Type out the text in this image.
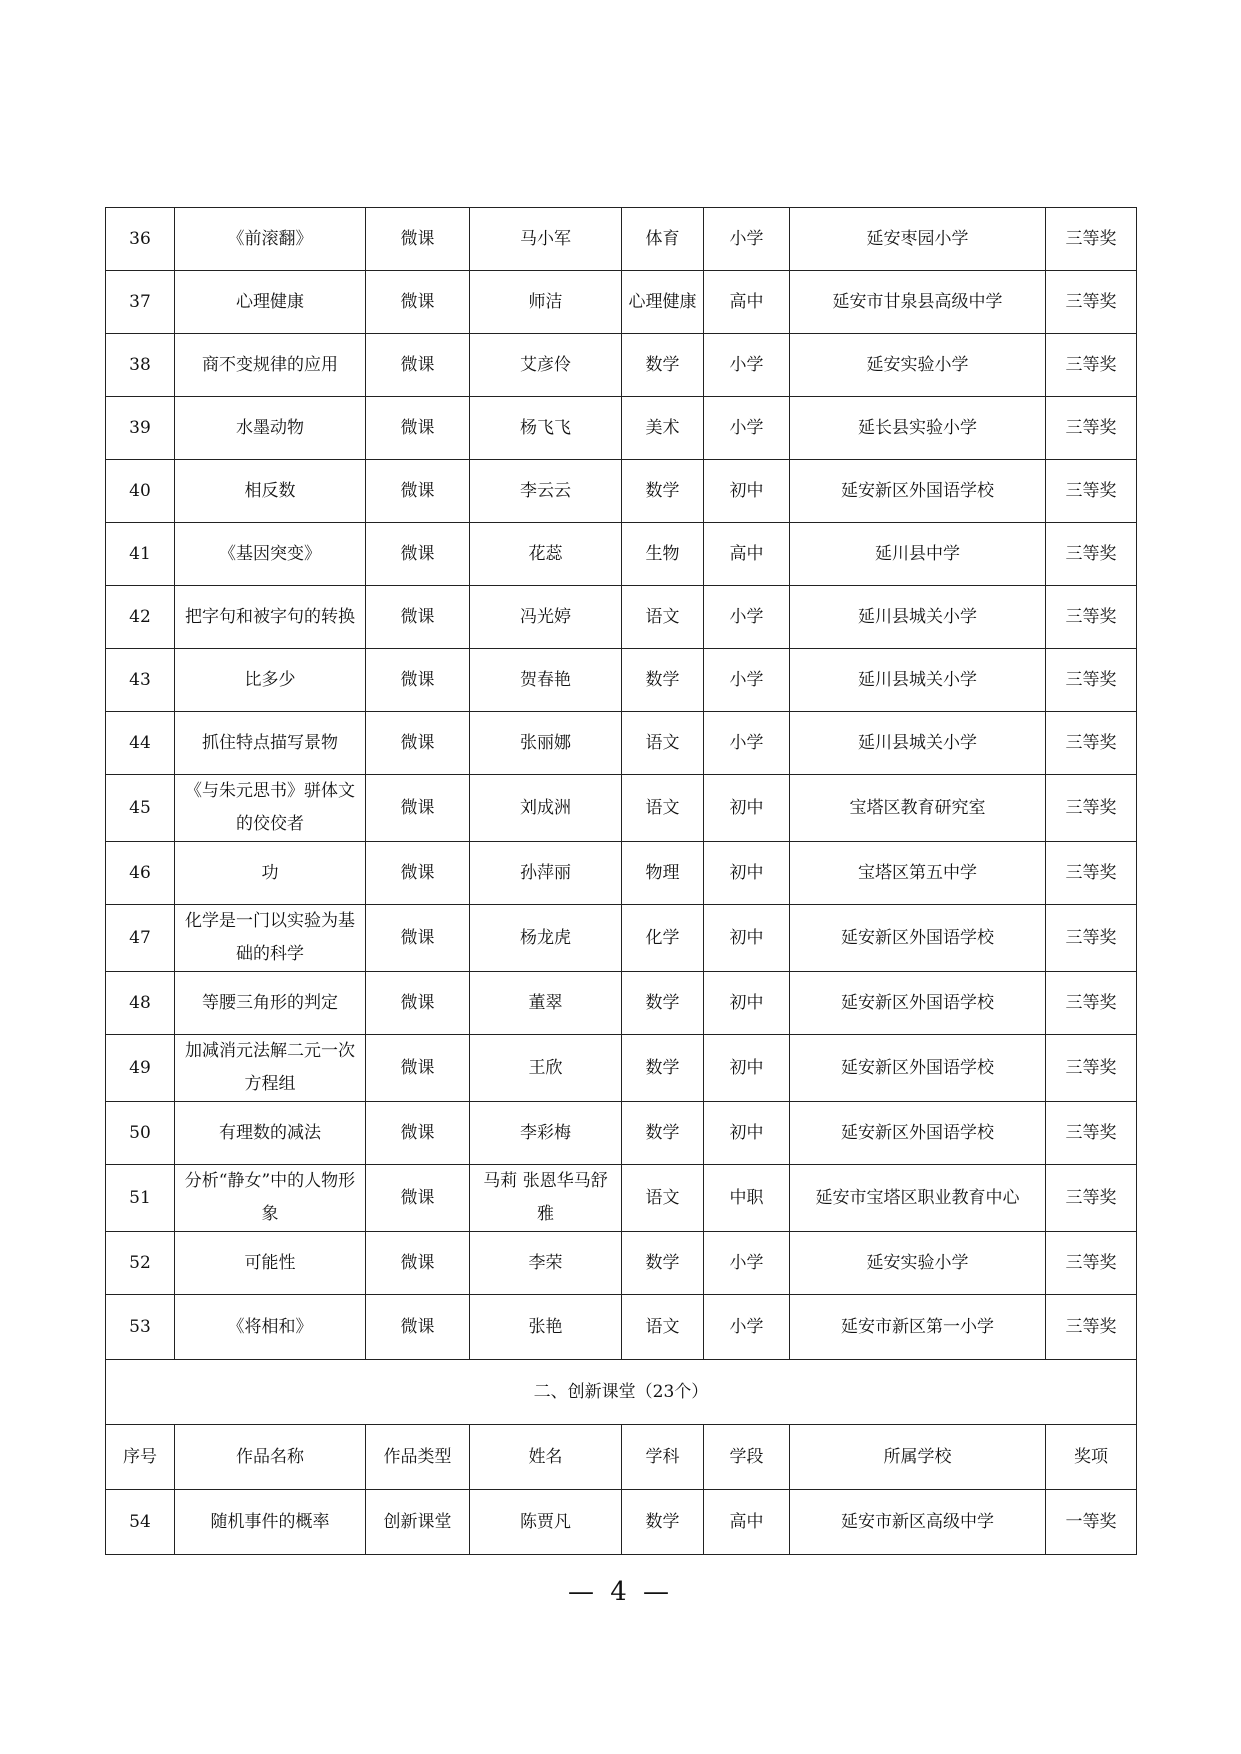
36	《前滚翻》	微课	马小军	体育	小学	延安枣园小学	三等奖
37	心理健康	微课	师洁	心理健康	高中	延安市甘泉县高级中学	三等奖
38	商不变规律的应用	微课	艾彦伶	数学	小学	延安实验小学	三等奖
39	水墨动物	微课	杨飞飞	美术	小学	延长县实验小学	三等奖
40	相反数	微课	李云云	数学	初中	延安新区外国语学校	三等奖
41	《基因突变》	微课	花蕊	生物	高中	延川县中学	三等奖
42	把字句和被字句的转换	微课	冯光婷	语文	小学	延川县城关小学	三等奖
43	比多少	微课	贺春艳	数学	小学	延川县城关小学	三等奖
44	抓住特点描写景物	微课	张丽娜	语文	小学	延川县城关小学	三等奖
45	《与朱元思书》骈体文的佼佼者	微课	刘成洲	语文	初中	宝塔区教育研究室	三等奖
46	功	微课	孙萍丽	物理	初中	宝塔区第五中学	三等奖
47	化学是一门以实验为基础的科学	微课	杨龙虎	化学	初中	延安新区外国语学校	三等奖
48	等腰三角形的判定	微课	董翠	数学	初中	延安新区外国语学校	三等奖
49	加减消元法解二元一次方程组	微课	王欣	数学	初中	延安新区外国语学校	三等奖
50	有理数的减法	微课	李彩梅	数学	初中	延安新区外国语学校	三等奖
51	分析“静女”中的人物形象	微课	马莉 张恩华马舒雅	语文	中职	延安市宝塔区职业教育中心	三等奖
52	可能性	微课	李荣	数学	小学	延安实验小学	三等奖
53	《将相和》	微课	张艳	语文	小学	延安市新区第一小学	三等奖
二、创新课堂（23个）							
序号	作品名称	作品类型	姓名	学科	学段	所属学校	奖项
54	随机事件的概率	创新课堂	陈贾凡	数学	高中	延安市新区高级中学	一等奖
— 4 —
